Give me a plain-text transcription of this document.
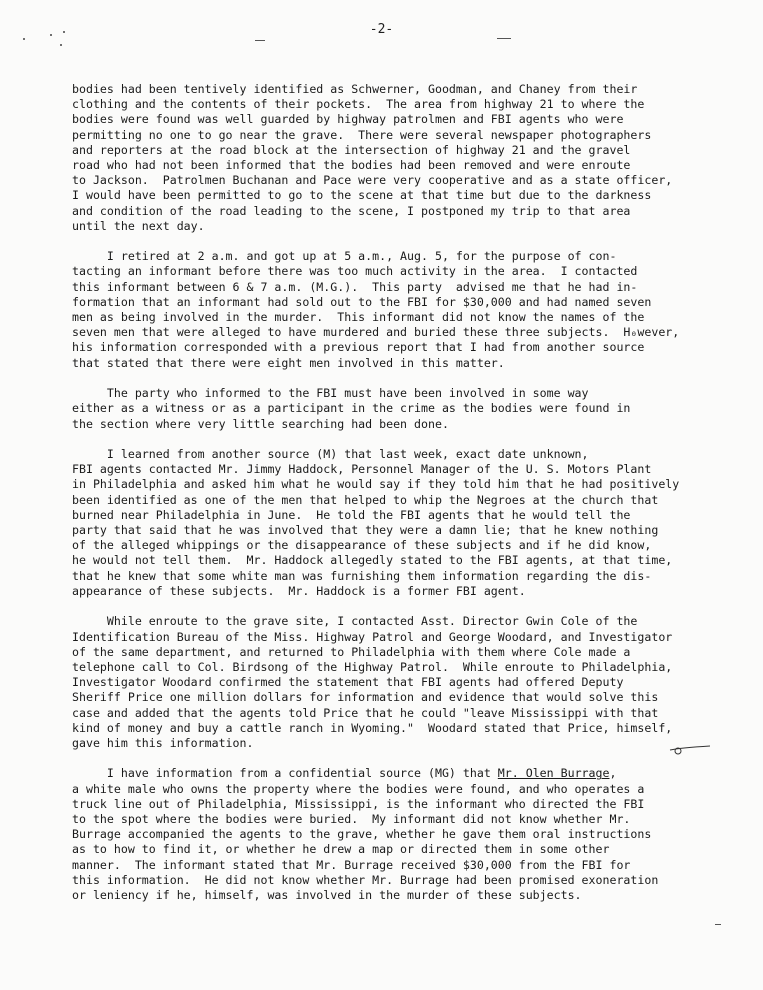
-2-
bodies had been tentively identified as Schwerner, Goodman, and Chaney from their
clothing and the contents of their pockets.  The area from highway 21 to where the
bodies were found was well guarded by highway patrolmen and FBI agents who were
permitting no one to go near the grave.  There were several newspaper photographers
and reporters at the road block at the intersection of highway 21 and the gravel
road who had not been informed that the bodies had been removed and were enroute
to Jackson.  Patrolmen Buchanan and Pace were very cooperative and as a state officer,
I would have been permitted to go to the scene at that time but due to the darkness
and condition of the road leading to the scene, I postponed my trip to that area
until the next day.
I retired at 2 a.m. and got up at 5 a.m., Aug. 5, for the purpose of con-
tacting an informant before there was too much activity in the area.  I contacted
this informant between 6 & 7 a.m. (M.G.).  This party  advised me that he had in-
formation that an informant had sold out to the FBI for $30,000 and had named seven
men as being involved in the murder.  This informant did not know the names of the
seven men that were alleged to have murdered and buried these three subjects.  H₀wever,
his information corresponded with a previous report that I had from another source
that stated that there were eight men involved in this matter.
The party who informed to the FBI must have been involved in some way
either as a witness or as a participant in the crime as the bodies were found in
the section where very little searching had been done.
I learned from another source (M) that last week, exact date unknown,
FBI agents contacted Mr. Jimmy Haddock, Personnel Manager of the U. S. Motors Plant
in Philadelphia and asked him what he would say if they told him that he had positively
been identified as one of the men that helped to whip the Negroes at the church that
burned near Philadelphia in June.  He told the FBI agents that he would tell the
party that said that he was involved that they were a damn lie; that he knew nothing
of the alleged whippings or the disappearance of these subjects and if he did know,
he would not tell them.  Mr. Haddock allegedly stated to the FBI agents, at that time,
that he knew that some white man was furnishing them information regarding the dis-
appearance of these subjects.  Mr. Haddock is a former FBI agent.
While enroute to the grave site, I contacted Asst. Director Gwin Cole of the
Identification Bureau of the Miss. Highway Patrol and George Woodard, and Investigator
of the same department, and returned to Philadelphia with them where Cole made a
telephone call to Col. Birdsong of the Highway Patrol.  While enroute to Philadelphia,
Investigator Woodard confirmed the statement that FBI agents had offered Deputy
Sheriff Price one million dollars for information and evidence that would solve this
case and added that the agents told Price that he could "leave Mississippi with that
kind of money and buy a cattle ranch in Wyoming."  Woodard stated that Price, himself,
gave him this information.
I have information from a confidential source (MG) that Mr. Olen Burrage,
a white male who owns the property where the bodies were found, and who operates a
truck line out of Philadelphia, Mississippi, is the informant who directed the FBI
to the spot where the bodies were buried.  My informant did not know whether Mr.
Burrage accompanied the agents to the grave, whether he gave them oral instructions
as to how to find it, or whether he drew a map or directed them in some other
manner.  The informant stated that Mr. Burrage received $30,000 from the FBI for
this information.  He did not know whether Mr. Burrage had been promised exoneration
or leniency if he, himself, was involved in the murder of these subjects.
